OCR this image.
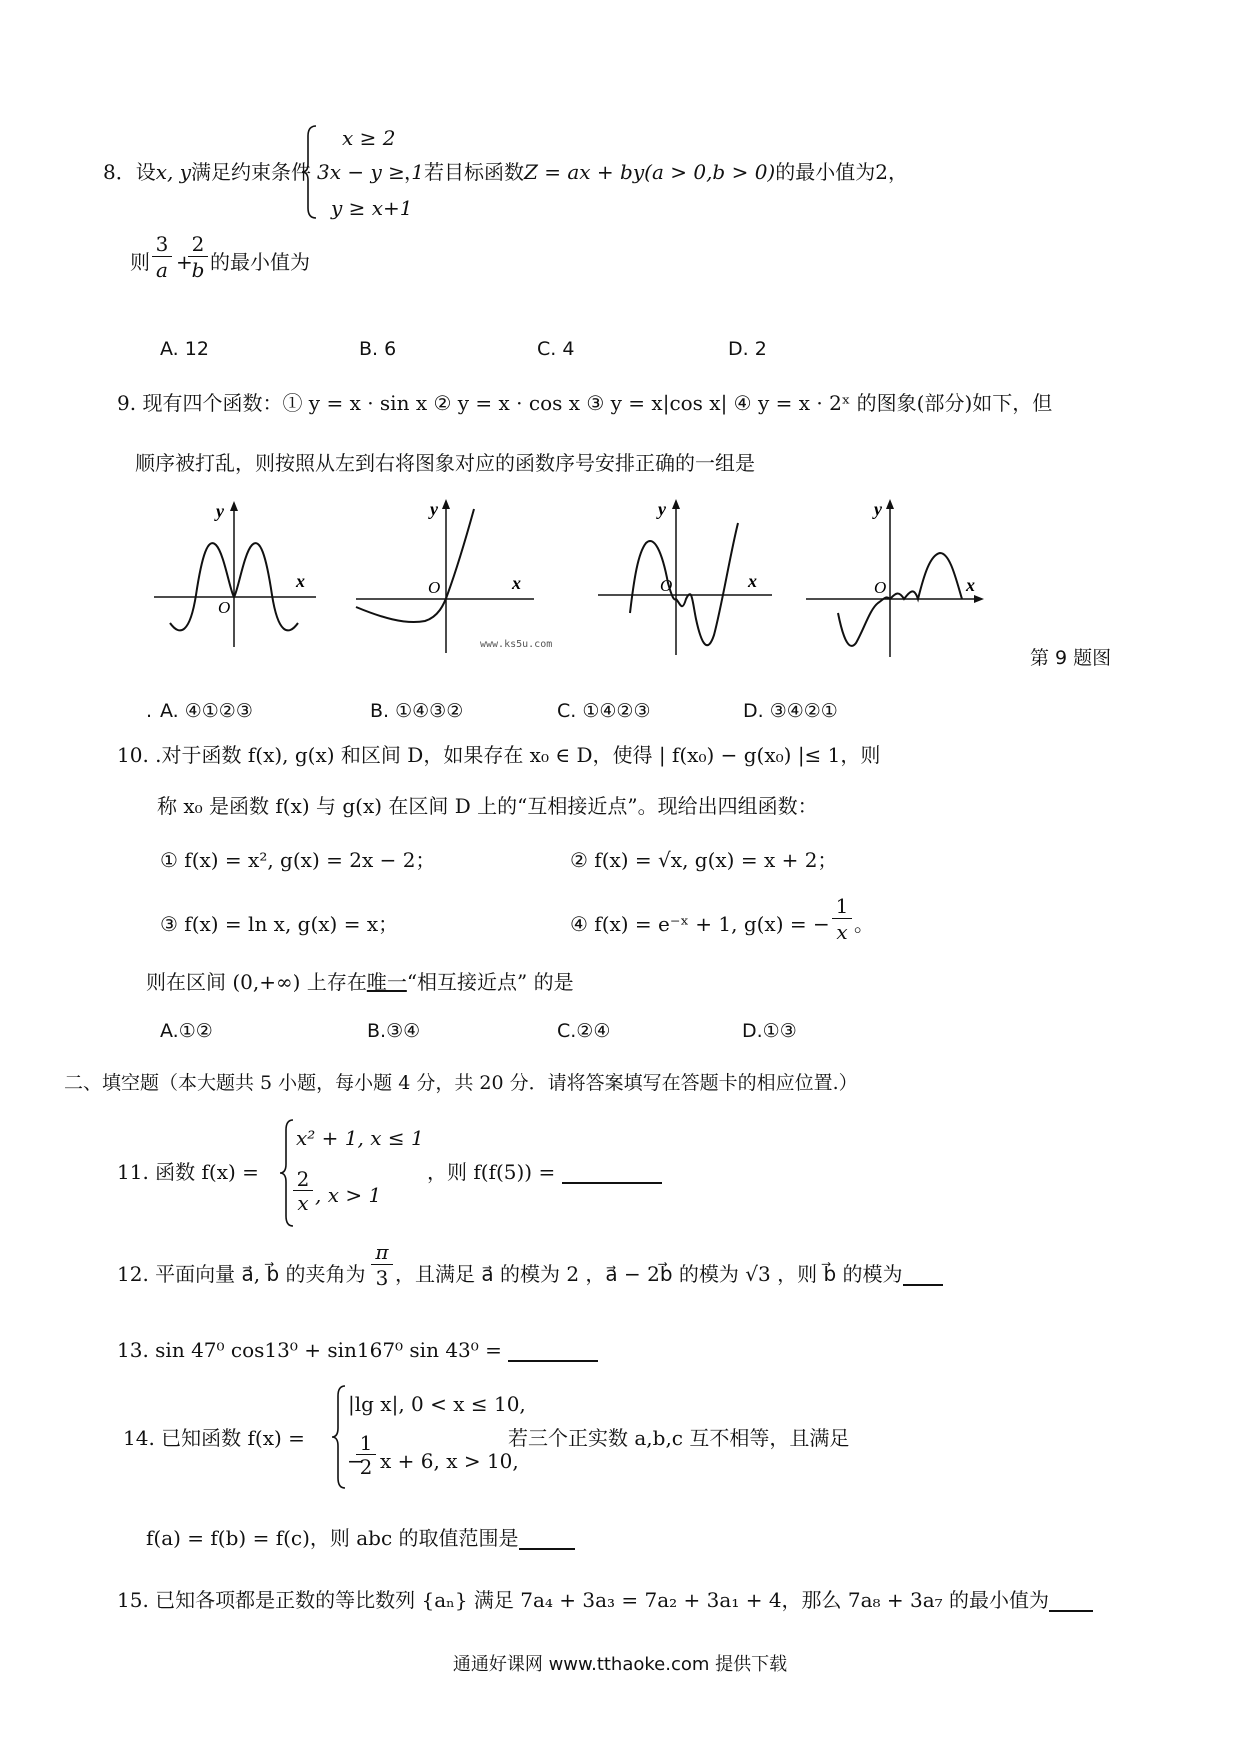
8．设x, y满足约束条件
x ≥ 2
3x − y ≥ 1
y ≥ x+1
，若目标函数Z = ax + by(a > 0,b > 0)的最小值为2，
则
3
a +
2
b 的最小值为
A. 12	B. 6	C. 4	D. 2
9. 现有四个函数：① y = x · sin x ② y = x · cos x ③ y = x|cos x| ④ y = x · 2ˣ 的图象(部分)如下，但
顺序被打乱，则按照从左到右将图象对应的函数序号安排正确的一组是
y
x
O
y
x
O
www.ks5u.com
y
x
O
y
x
O
第 9 题图
. A. ④①②③	B. ①④③②	C. ①④②③	D. ③④②①
10. .对于函数 f(x), g(x) 和区间 D，如果存在 x₀ ∈ D，使得 | f(x₀) − g(x₀) |≤ 1，则
称 x₀ 是函数 f(x) 与 g(x) 在区间 D 上的“互相接近点”。现给出四组函数：
① f(x) = x², g(x) = 2x − 2；	② f(x) = √x, g(x) = x + 2；
③ f(x) = ln x, g(x) = x；	④ f(x) = e⁻ˣ + 1, g(x) = −
1
x 。
则在区间 (0,+∞) 上存在唯一“相互接近点” 的是
A.①②	B.③④	C.②④	D.①③
二、填空题（本大题共 5 小题，每小题 4 分，共 20 分．请将答案填写在答题卡的相应位置.）
11. 函数 f(x) =
x² + 1, x ≤ 1
2
x , x > 1
，则 f(f(5)) =
12. 平面向量 a⃗, b⃗ 的夹角为
π
3 ，且满足 a⃗ 的模为 2 ，a⃗ − 2b⃗ 的模为 √3 ，则 b⃗ 的模为
13. sin 47⁰ cos13⁰ + sin167⁰ sin 43⁰ =
14. 已知函数 f(x) =
|lg x|, 0 < x ≤ 10,
−
1
2 x + 6, x > 10,
若三个正实数 a,b,c 互不相等，且满足
f(a) = f(b) = f(c)，则 abc 的取值范围是
15. 已知各项都是正数的等比数列 {aₙ} 满足 7a₄ + 3a₃ = 7a₂ + 3a₁ + 4，那么 7a₈ + 3a₇ 的最小值为
通通好课网 www.tthaoke.com 提供下载
